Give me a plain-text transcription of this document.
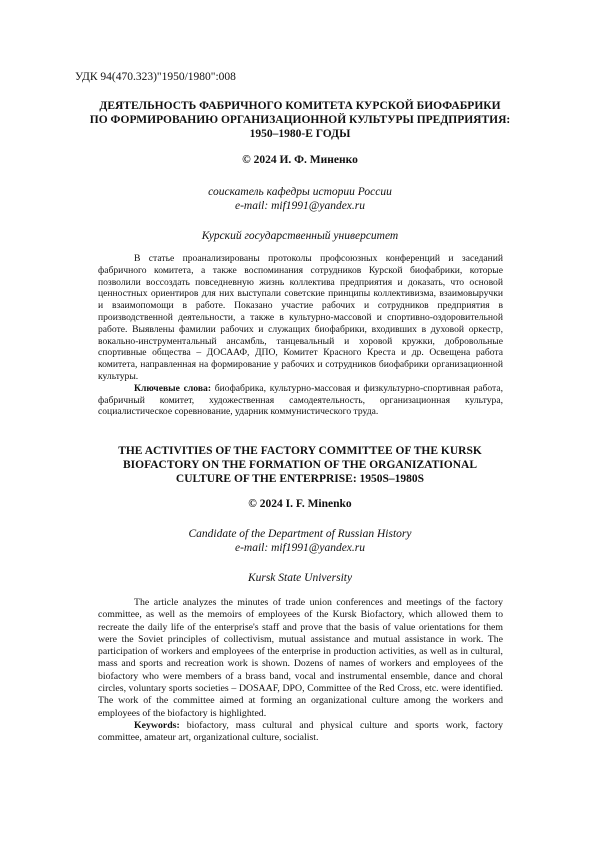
УДК 94(470.323)"1950/1980":008
ДЕЯТЕЛЬНОСТЬ ФАБРИЧНОГО КОМИТЕТА КУРСКОЙ БИОФАБРИКИ
ПО ФОРМИРОВАНИЮ ОРГАНИЗАЦИОННОЙ КУЛЬТУРЫ ПРЕДПРИЯТИЯ:
1950–1980-Е ГОДЫ
© 2024 И. Ф. Миненко
соискатель кафедры истории России
e-mail: mif1991@yandex.ru
Курский государственный университет

В статье проанализированы протоколы профсоюзных конференций и заседаний фабричного комитета, а также воспоминания сотрудников Курской биофабрики, которые позволили воссоздать повседневную жизнь коллектива предприятия и доказать, что основой ценностных ориентиров для них выступали советские принципы коллективизма, взаимовыручки и взаимопомощи в работе. Показано участие рабочих и сотрудников предприятия в производственной деятельности, а также в культурно-массовой и спортивно-оздоровительной работе. Выявлены фамилии рабочих и служащих биофабрики, входивших в духовой оркестр, вокально-инструментальный ансамбль, танцевальный и хоровой кружки, добровольные спортивные общества – ДОСААФ, ДПО, Комитет Красного Креста и др. Освещена работа комитета, направленная на формирование у рабочих и сотрудников биофабрики организационной культуры.

Ключевые слова: биофабрика, культурно-массовая и физкультурно-спортивная работа, фабричный комитет, художественная самодеятельность, организационная культура, социалистическое соревнование, ударник коммунистического труда.

THE ACTIVITIES OF THE FACTORY COMMITTEE OF THE KURSK
BIOFACTORY ON THE FORMATION OF THE ORGANIZATIONAL
CULTURE OF THE ENTERPRISE: 1950S–1980S
© 2024 I. F. Minenko
Candidate of the Department of Russian History
e-mail: mif1991@yandex.ru
Kursk State University

The article analyzes the minutes of trade union conferences and meetings of the factory committee, as well as the memoirs of employees of the Kursk Biofactory, which allowed them to recreate the daily life of the enterprise's staff and prove that the basis of value orientations for them were the Soviet principles of collectivism, mutual assistance and mutual assistance in work. The participation of workers and employees of the enterprise in production activities, as well as in cultural, mass and sports and recreation work is shown. Dozens of names of workers and employees of the biofactory who were members of a brass band, vocal and instrumental ensemble, dance and choral circles, voluntary sports societies – DOSAAF, DPO, Committee of the Red Cross, etc. were identified. The work of the committee aimed at forming an organizational culture among the workers and employees of the biofactory is highlighted.

Keywords: biofactory, mass cultural and physical culture and sports work, factory committee, amateur art, organizational culture, socialist.
